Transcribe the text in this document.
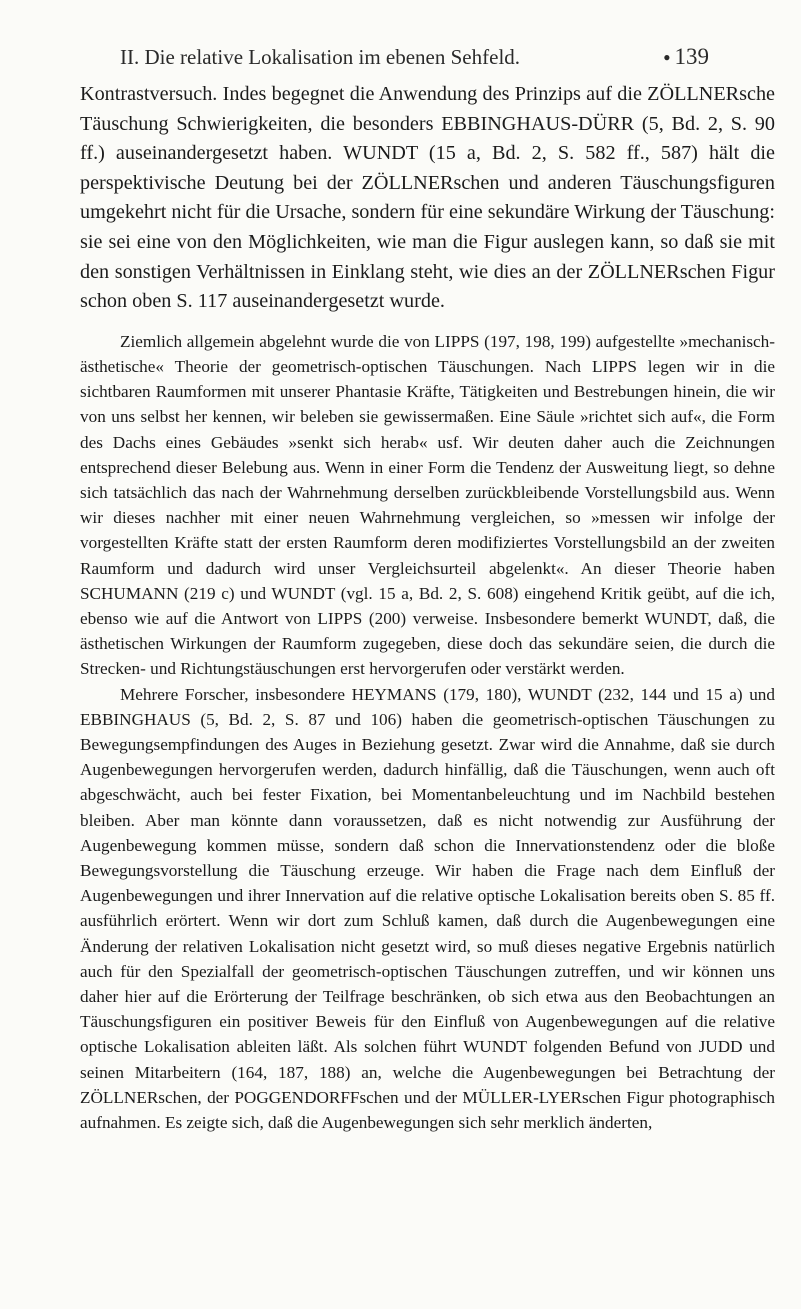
II. Die relative Lokalisation im ebenen Sehfeld.	● 139

Kontrastversuch. Indes begegnet die Anwendung des Prinzips auf die ZÖLLNERsche Täuschung Schwierigkeiten, die besonders EBBINGHAUS-DÜRR (5, Bd. 2, S. 90 ff.) auseinandergesetzt haben. WUNDT (15 a, Bd. 2, S. 582 ff., 587) hält die perspektivische Deutung bei der ZÖLLNERschen und anderen Täuschungsfiguren umgekehrt nicht für die Ursache, sondern für eine sekundäre Wirkung der Täuschung: sie sei eine von den Möglichkeiten, wie man die Figur auslegen kann, so daß sie mit den sonstigen Verhältnissen in Einklang steht, wie dies an der ZÖLLNERschen Figur schon oben S. 117 auseinandergesetzt wurde.

Ziemlich allgemein abgelehnt wurde die von LIPPS (197, 198, 199) aufgestellte »mechanisch-ästhetische« Theorie der geometrisch-optischen Täuschungen. Nach LIPPS legen wir in die sichtbaren Raumformen mit unserer Phantasie Kräfte, Tätigkeiten und Bestrebungen hinein, die wir von uns selbst her kennen, wir beleben sie gewissermaßen. Eine Säule »richtet sich auf«, die Form des Dachs eines Gebäudes »senkt sich herab« usf. Wir deuten daher auch die Zeichnungen entsprechend dieser Belebung aus. Wenn in einer Form die Tendenz der Ausweitung liegt, so dehne sich tatsächlich das nach der Wahrnehmung derselben zurückbleibende Vorstellungsbild aus. Wenn wir dieses nachher mit einer neuen Wahrnehmung vergleichen, so »messen wir infolge der vorgestellten Kräfte statt der ersten Raumform deren modifiziertes Vorstellungsbild an der zweiten Raumform und dadurch wird unser Vergleichsurteil abgelenkt«. An dieser Theorie haben SCHUMANN (219 c) und WUNDT (vgl. 15 a, Bd. 2, S. 608) eingehend Kritik geübt, auf die ich, ebenso wie auf die Antwort von LIPPS (200) verweise. Insbesondere bemerkt WUNDT, daß, die ästhetischen Wirkungen der Raumform zugegeben, diese doch das sekundäre seien, die durch die Strecken- und Richtungstäuschungen erst hervorgerufen oder verstärkt werden.

Mehrere Forscher, insbesondere HEYMANS (179, 180), WUNDT (232, 144 und 15 a) und EBBINGHAUS (5, Bd. 2, S. 87 und 106) haben die geometrisch-optischen Täuschungen zu Bewegungsempfindungen des Auges in Beziehung gesetzt. Zwar wird die Annahme, daß sie durch Augenbewegungen hervorgerufen werden, dadurch hinfällig, daß die Täuschungen, wenn auch oft abgeschwächt, auch bei fester Fixation, bei Momentanbeleuchtung und im Nachbild bestehen bleiben. Aber man könnte dann voraussetzen, daß es nicht notwendig zur Ausführung der Augenbewegung kommen müsse, sondern daß schon die Innervationstendenz oder die bloße Bewegungsvorstellung die Täuschung erzeuge. Wir haben die Frage nach dem Einfluß der Augenbewegungen und ihrer Innervation auf die relative optische Lokalisation bereits oben S. 85 ff. ausführlich erörtert. Wenn wir dort zum Schluß kamen, daß durch die Augenbewegungen eine Änderung der relativen Lokalisation nicht gesetzt wird, so muß dieses negative Ergebnis natürlich auch für den Spezialfall der geometrisch-optischen Täuschungen zutreffen, und wir können uns daher hier auf die Erörterung der Teilfrage beschränken, ob sich etwa aus den Beobachtungen an Täuschungsfiguren ein positiver Beweis für den Einfluß von Augenbewegungen auf die relative optische Lokalisation ableiten läßt. Als solchen führt WUNDT folgenden Befund von JUDD und seinen Mitarbeitern (164, 187, 188) an, welche die Augenbewegungen bei Betrachtung der ZÖLLNERschen, der POGGENDORFFschen und der MÜLLER-LYERschen Figur photographisch aufnahmen. Es zeigte sich, daß die Augenbewegungen sich sehr merklich änderten,
